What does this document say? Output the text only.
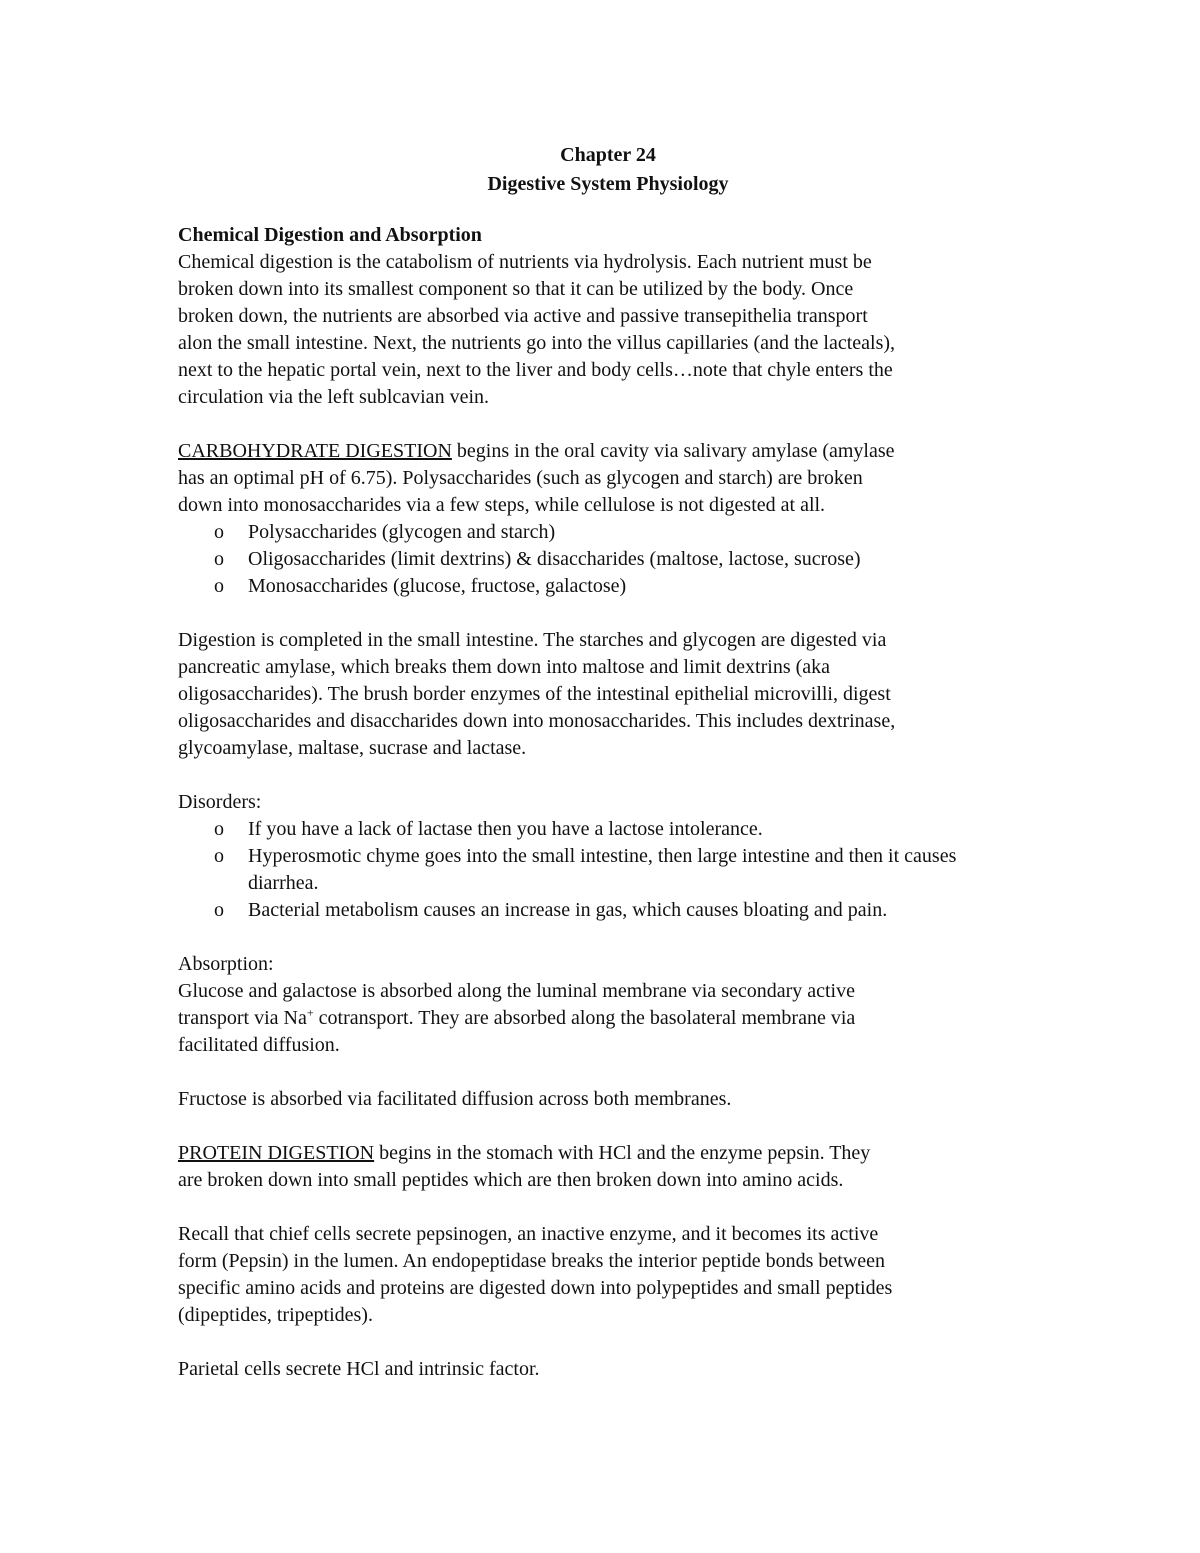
Chapter 24
Digestive System Physiology
Chemical Digestion and Absorption
Chemical digestion is the catabolism of nutrients via hydrolysis. Each nutrient must be
broken down into its smallest component so that it can be utilized by the body. Once
broken down, the nutrients are absorbed via active and passive transepithelia transport
alon the small intestine. Next, the nutrients go into the villus capillaries (and the lacteals),
next to the hepatic portal vein, next to the liver and body cells…note that chyle enters the
circulation via the left sublcavian vein.
CARBOHYDRATE DIGESTION begins in the oral cavity via salivary amylase (amylase
has an optimal pH of 6.75). Polysaccharides (such as glycogen and starch) are broken
down into monosaccharides via a few steps, while cellulose is not digested at all.
o Polysaccharides (glycogen and starch)
o Oligosaccharides (limit dextrins) & disaccharides (maltose, lactose, sucrose)
o Monosaccharides (glucose, fructose, galactose)
Digestion is completed in the small intestine. The starches and glycogen are digested via
pancreatic amylase, which breaks them down into maltose and limit dextrins (aka
oligosaccharides). The brush border enzymes of the intestinal epithelial microvilli, digest
oligosaccharides and disaccharides down into monosaccharides. This includes dextrinase,
glycoamylase, maltase, sucrase and lactase.
Disorders:
o If you have a lack of lactase then you have a lactose intolerance.
o Hyperosmotic chyme goes into the small intestine, then large intestine and then it causes diarrhea.
o Bacterial metabolism causes an increase in gas, which causes bloating and pain.
Absorption:
Glucose and galactose is absorbed along the luminal membrane via secondary active
transport via Na+ cotransport. They are absorbed along the basolateral membrane via
facilitated diffusion.
Fructose is absorbed via facilitated diffusion across both membranes.
PROTEIN DIGESTION begins in the stomach with HCl and the enzyme pepsin. They
are broken down into small peptides which are then broken down into amino acids.
Recall that chief cells secrete pepsinogen, an inactive enzyme, and it becomes its active
form (Pepsin) in the lumen. An endopeptidase breaks the interior peptide bonds between
specific amino acids and proteins are digested down into polypeptides and small peptides
(dipeptides, tripeptides).
Parietal cells secrete HCl and intrinsic factor.
